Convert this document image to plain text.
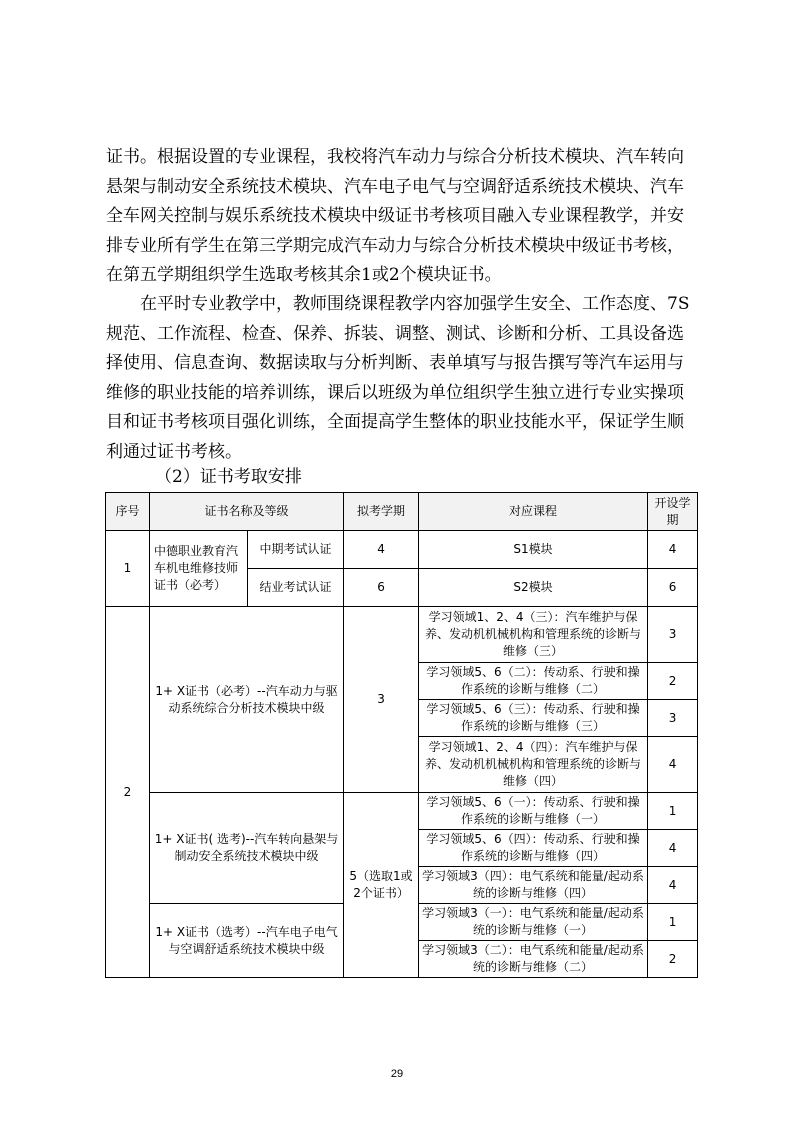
证书。根据设置的专业课程，我校将汽车动力与综合分析技术模块、汽车转向悬架与制动安全系统技术模块、汽车电子电气与空调舒适系统技术模块、汽车全车网关控制与娱乐系统技术模块中级证书考核项目融入专业课程教学，并安排专业所有学生在第三学期完成汽车动力与综合分析技术模块中级证书考核，在第五学期组织学生选取考核其余1或2个模块证书。

在平时专业教学中，教师围绕课程教学内容加强学生安全、工作态度、7S规范、工作流程、检查、保养、拆装、调整、测试、诊断和分析、工具设备选择使用、信息查询、数据读取与分析判断、表单填写与报告撰写等汽车运用与维修的职业技能的培养训练，课后以班级为单位组织学生独立进行专业实操项目和证书考核项目强化训练，全面提高学生整体的职业技能水平，保证学生顺利通过证书考核。

（2）证书考取安排
序号	证书名称及等级		拟考学期	对应课程	开设学期
1	中德职业教育汽车机电维修技师证书（必考）	中期考试认证	4	S1模块	4
		结业考试认证	6	S2模块	6
2	1+ X证书（必考）--汽车动力与驱动系统综合分析技术模块中级		3	学习领域1、2、4（三）：汽车维护与保养、发动机机械机构和管理系统的诊断与维修（三）	3
				学习领域5、6（二）：传动系、行驶和操作系统的诊断与维修（二）	2
				学习领域5、6（三）：传动系、行驶和操作系统的诊断与维修（三）	3
				学习领域1、2、4（四）：汽车维护与保养、发动机机械机构和管理系统的诊断与维修（四）	4
	1+ X证书( 选考)--汽车转向悬架与制动安全系统技术模块中级		5（选取1或2个证书）	学习领域5、6（一）：传动系、行驶和操作系统的诊断与维修（一）	1
				学习领域5、6（四）：传动系、行驶和操作系统的诊断与维修（四）	4
				学习领域3（四）：电气系统和能量/起动系统的诊断与维修（四）	4
	1+ X证书（选考）--汽车电子电气与空调舒适系统技术模块中级			学习领域3（一）：电气系统和能量/起动系统的诊断与维修（一）	1
				学习领域3（二）：电气系统和能量/起动系统的诊断与维修（二）	2
29
